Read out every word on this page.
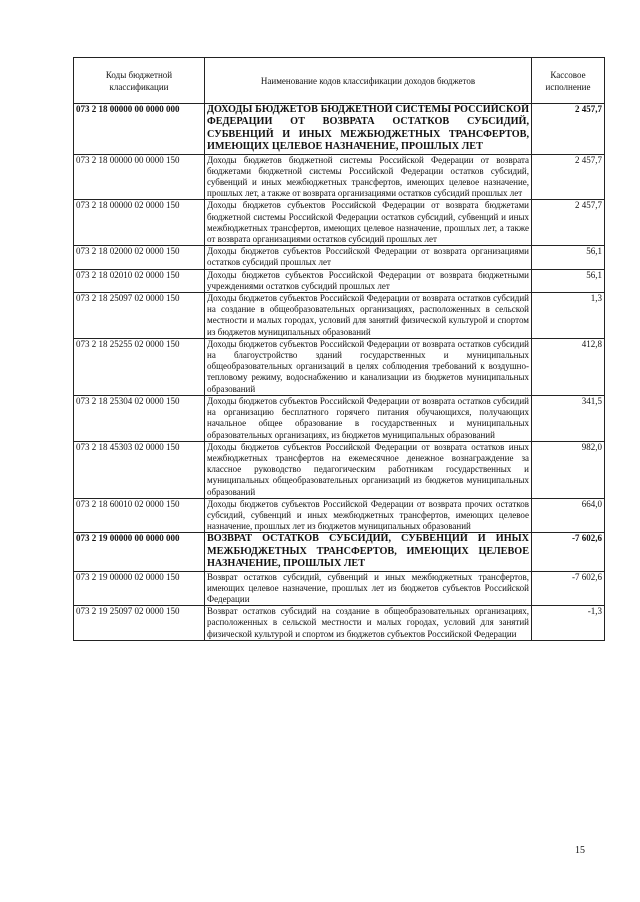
Коды бюджетной классификации	Наименование кодов классификации доходов бюджетов	Кассовое исполнение
073 2 18 00000 00 0000 000	ДОХОДЫ БЮДЖЕТОВ БЮДЖЕТНОЙ СИСТЕМЫ РОССИЙСКОЙ ФЕДЕРАЦИИ ОТ ВОЗВРАТА ОСТАТКОВ СУБСИДИЙ, СУБВЕНЦИЙ И ИНЫХ МЕЖБЮДЖЕТНЫХ ТРАНСФЕРТОВ, ИМЕЮЩИХ ЦЕЛЕВОЕ НАЗНАЧЕНИЕ, ПРОШЛЫХ ЛЕТ	2 457,7
073 2 18 00000 00 0000 150	Доходы бюджетов бюджетной системы Российской Федерации от возврата бюджетами бюджетной системы Российской Федерации остатков субсидий, субвенций и иных межбюджетных трансфертов, имеющих целевое назначение, прошлых лет, а также от возврата организациями остатков субсидий прошлых лет	2 457,7
073 2 18 00000 02 0000 150	Доходы бюджетов субъектов Российской Федерации от возврата бюджетами бюджетной системы Российской Федерации остатков субсидий, субвенций и иных межбюджетных трансфертов, имеющих целевое назначение, прошлых лет, а также от возврата организациями остатков субсидий прошлых лет	2 457,7
073 2 18 02000 02 0000 150	Доходы бюджетов субъектов Российской Федерации от возврата организациями остатков субсидий прошлых лет	56,1
073 2 18 02010 02 0000 150	Доходы бюджетов субъектов Российской Федерации от возврата бюджетными учреждениями остатков субсидий прошлых лет	56,1
073 2 18 25097 02 0000 150	Доходы бюджетов субъектов Российской Федерации от возврата остатков субсидий на создание в общеобразовательных организациях, расположенных в сельской местности и малых городах, условий для занятий физической культурой и спортом из бюджетов муниципальных образований	1,3
073 2 18 25255 02 0000 150	Доходы бюджетов субъектов Российской Федерации от возврата остатков субсидий на благоустройство зданий государственных и муниципальных общеобразовательных организаций в целях соблюдения требований к воздушно-тепловому режиму, водоснабжению и канализации из бюджетов муниципальных образований	412,8
073 2 18 25304 02 0000 150	Доходы бюджетов субъектов Российской Федерации от возврата остатков субсидий на организацию бесплатного горячего питания обучающихся, получающих начальное общее образование в государственных и муниципальных образовательных организациях, из бюджетов муниципальных образований	341,5
073 2 18 45303 02 0000 150	Доходы бюджетов субъектов Российской Федерации от возврата остатков иных межбюджетных трансфертов на ежемесячное денежное вознаграждение за классное руководство педагогическим работникам государственных и муниципальных общеобразовательных организаций из бюджетов муниципальных образований	982,0
073 2 18 60010 02 0000 150	Доходы бюджетов субъектов Российской Федерации от возврата прочих остатков субсидий, субвенций и иных межбюджетных трансфертов, имеющих целевое назначение, прошлых лет из бюджетов муниципальных образований	664,0
073 2 19 00000 00 0000 000	ВОЗВРАТ ОСТАТКОВ СУБСИДИЙ, СУБВЕНЦИЙ И ИНЫХ МЕЖБЮДЖЕТНЫХ ТРАНСФЕРТОВ, ИМЕЮЩИХ ЦЕЛЕВОЕ НАЗНАЧЕНИЕ, ПРОШЛЫХ ЛЕТ	-7 602,6
073 2 19 00000 02 0000 150	Возврат остатков субсидий, субвенций и иных межбюджетных трансфертов, имеющих целевое назначение, прошлых лет из бюджетов субъектов Российской Федерации	-7 602,6
073 2 19 25097 02 0000 150	Возврат остатков субсидий на создание в общеобразовательных организациях, расположенных в сельской местности и малых городах, условий для занятий физической культурой и спортом из бюджетов субъектов Российской Федерации	-1,3
15
